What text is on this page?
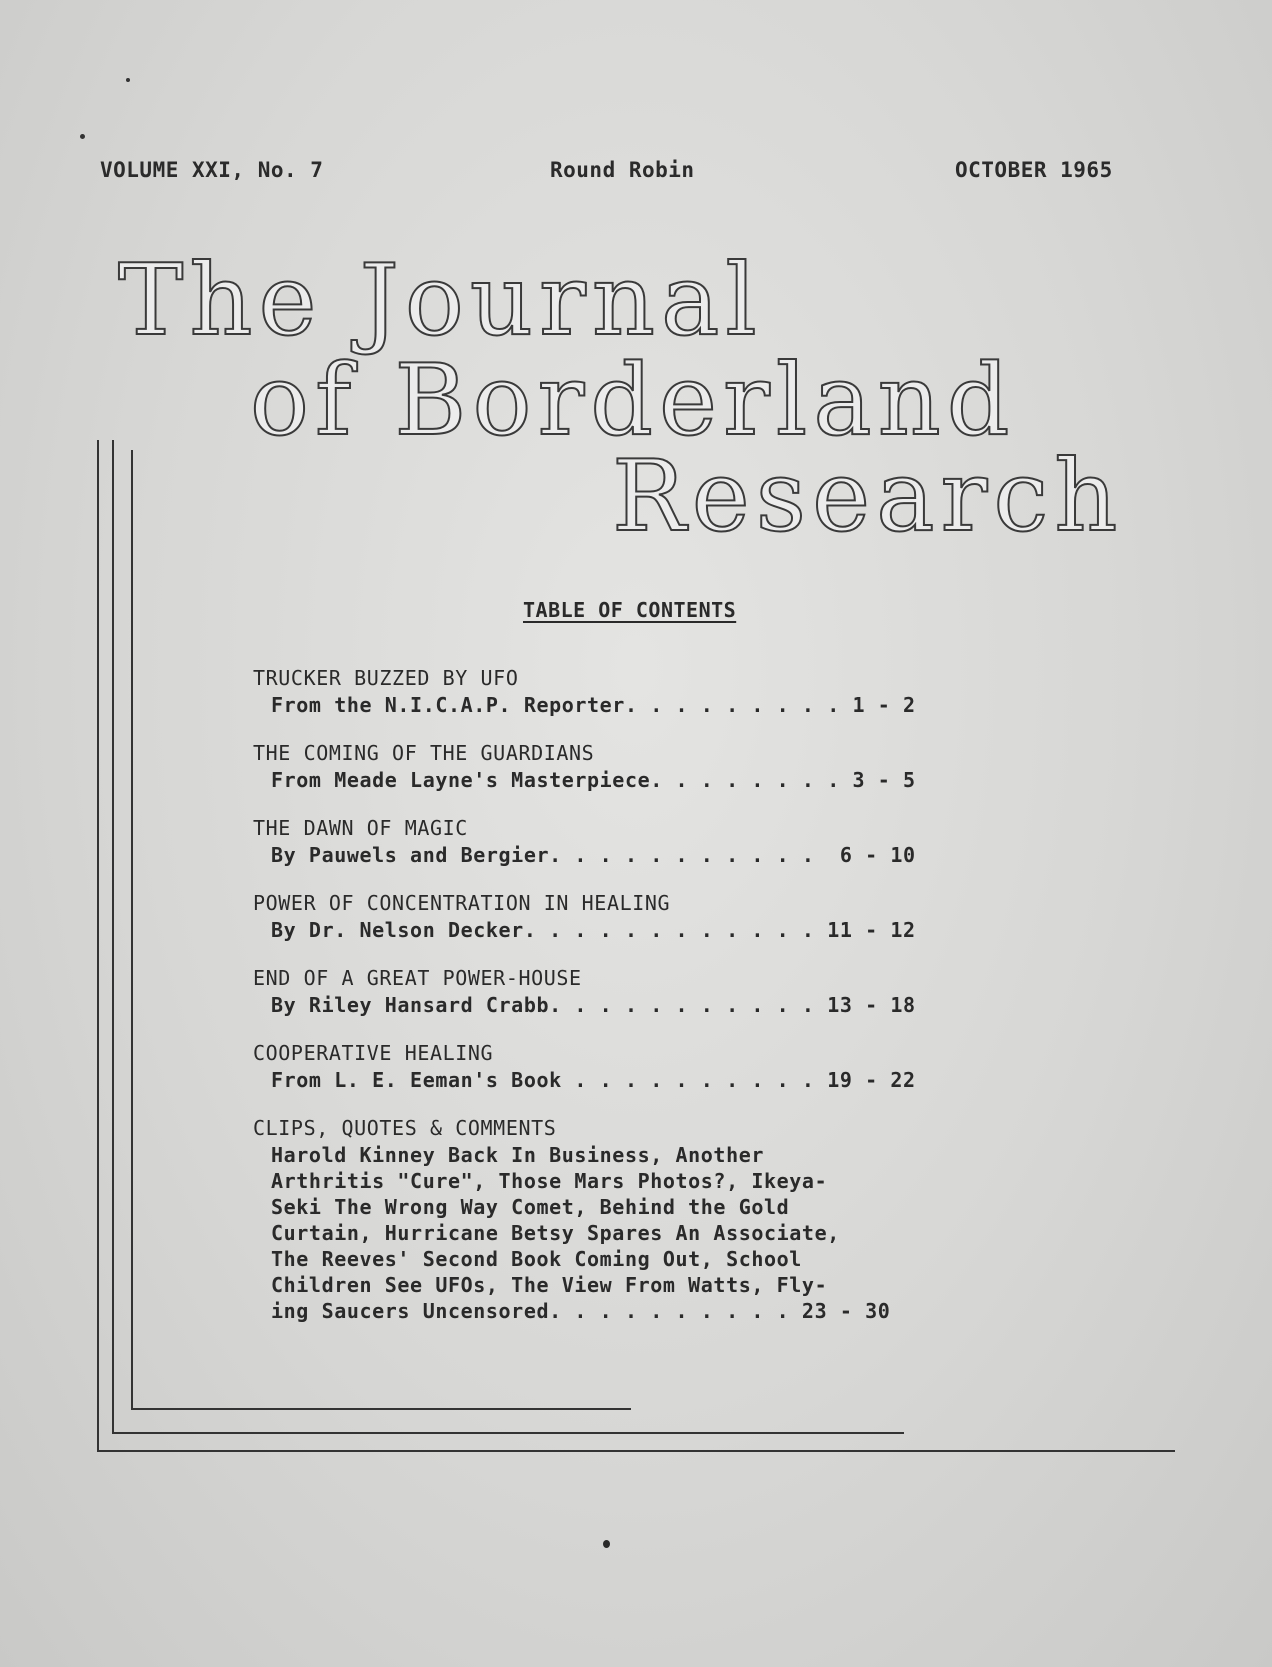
VOLUME XXI, No. 7	Round Robin	OCTOBER 1965
The Journal
of Borderland
Research
TABLE OF CONTENTS
TRUCKER BUZZED BY UFO
From the N.I.C.A.P. Reporter. . . . . . . . . 1 - 2
THE COMING OF THE GUARDIANS
From Meade Layne's Masterpiece. . . . . . . . 3 - 5
THE DAWN OF MAGIC
By Pauwels and Bergier. . . . . . . . . . .  6 - 10
POWER OF CONCENTRATION IN HEALING
By Dr. Nelson Decker. . . . . . . . . . . . 11 - 12
END OF A GREAT POWER-HOUSE
By Riley Hansard Crabb. . . . . . . . . . . 13 - 18
COOPERATIVE HEALING
From L. E. Eeman's Book . . . . . . . . . . 19 - 22
CLIPS, QUOTES & COMMENTS
Harold Kinney Back In Business, Another
Arthritis "Cure", Those Mars Photos?, Ikeya-
Seki The Wrong Way Comet, Behind the Gold
Curtain, Hurricane Betsy Spares An Associate,
The Reeves' Second Book Coming Out, School
Children See UFOs, The View From Watts, Fly-
ing Saucers Uncensored. . . . . . . . . . 23 - 30
